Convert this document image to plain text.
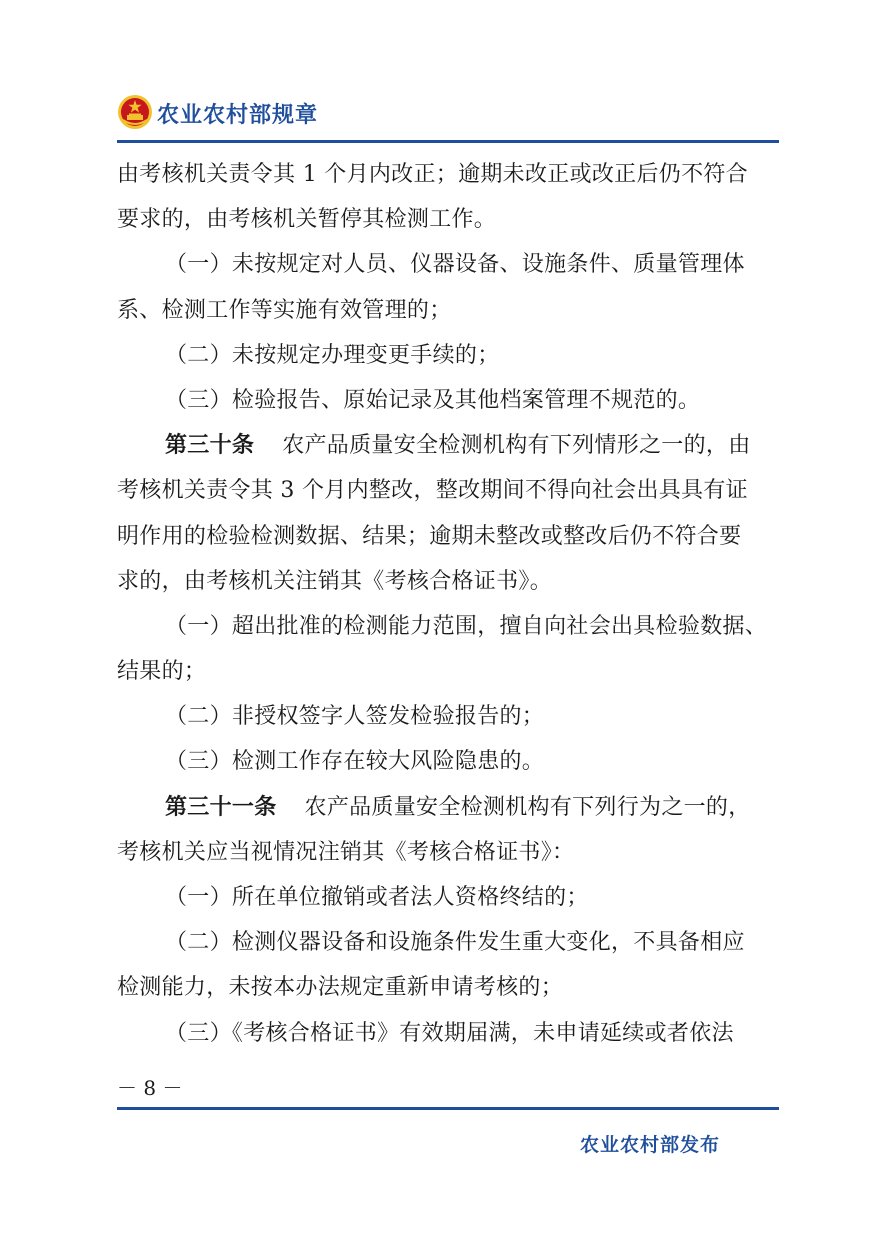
农业农村部规章
由考核机关责令其 1 个月内改正；逾期未改正或改正后仍不符合
要求的，由考核机关暂停其检测工作。
（一）未按规定对人员、仪器设备、设施条件、质量管理体
系、检测工作等实施有效管理的；
（二）未按规定办理变更手续的；
（三）检验报告、原始记录及其他档案管理不规范的。
第三十条 农产品质量安全检测机构有下列情形之一的，由
考核机关责令其 3 个月内整改，整改期间不得向社会出具具有证
明作用的检验检测数据、结果；逾期未整改或整改后仍不符合要
求的，由考核机关注销其《考核合格证书》。
（一）超出批准的检测能力范围，擅自向社会出具检验数据、
结果的；
（二）非授权签字人签发检验报告的；
（三）检测工作存在较大风险隐患的。
第三十一条 农产品质量安全检测机构有下列行为之一的，
考核机关应当视情况注销其《考核合格证书》：
（一）所在单位撤销或者法人资格终结的；
（二）检测仪器设备和设施条件发生重大变化，不具备相应
检测能力，未按本办法规定重新申请考核的；
（三）《考核合格证书》有效期届满，未申请延续或者依法
－ 8 －
农业农村部发布
